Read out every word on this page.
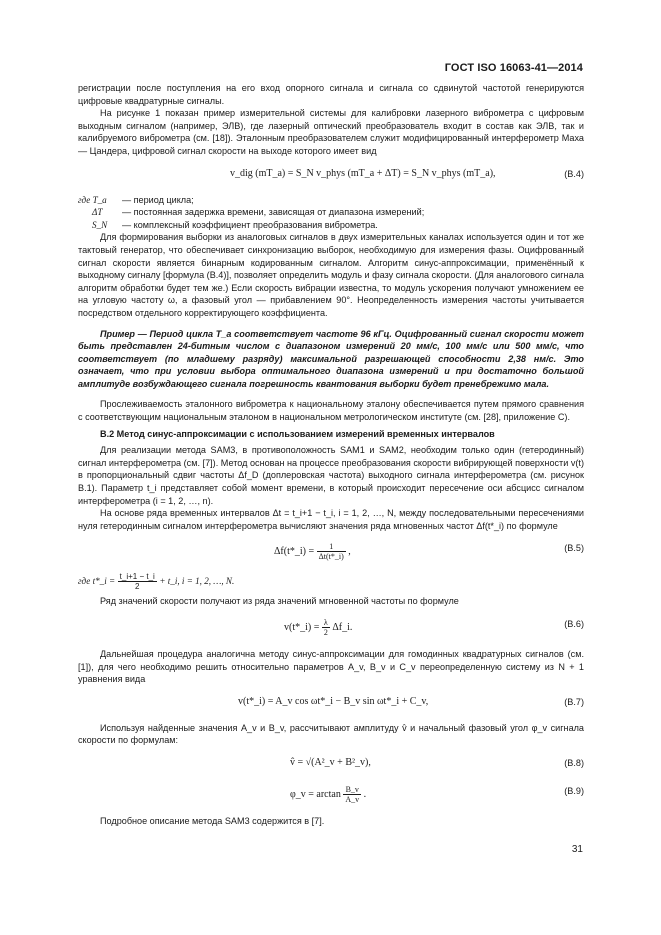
ГОСТ ISO 16063-41—2014

регистрации после поступления на его вход опорного сигнала и сигнала со сдвинутой частотой генерируются цифровые квадратурные сигналы.

На рисунке 1 показан пример измерительной системы для калибровки лазерного виброметра с цифровым выходным сигналом (например, ЭЛВ), где лазерный оптический преобразователь входит в состав как ЭЛВ, так и калибруемого виброметра (см. [18]). Эталонным преобразователем служит модифицированный интерферометр Маха — Цандера, цифровой сигнал скорости на выходе которого имеет вид

v_dig (mT_a) = S_N v_phys (mT_a + ΔT) = S_N v_phys (mT_a),	(B.4)
где T_a	— период цикла;
ΔT	— постоянная задержка времени, зависящая от диапазона измерений;
S_N	— комплексный коэффициент преобразования виброметра.

Для формирования выборки из аналоговых сигналов в двух измерительных каналах используется один и тот же тактовый генератор, что обеспечивает синхронизацию выборок, необходимую для измерения фазы. Оцифрованный сигнал скорости является бинарным кодированным сигналом. Алгоритм синус-аппроксимации, применённый к выходному сигналу [формула (B.4)], позволяет определить модуль и фазу сигнала скорости. (Для аналогового сигнала алгоритм обработки будет тем же.) Если скорость вибрации известна, то модуль ускорения получают умножением ее на угловую частоту ω, а фазовый угол — прибавлением 90°. Неопределенность измерения частоты учитывается посредством отдельного корректирующего коэффициента.

Пример — Период цикла T_a соответствует частоте 96 кГц. Оцифрованный сигнал скорости может быть представлен 24-битным числом с диапазоном измерений 20 мм/с, 100 мм/с или 500 мм/с, что соответствует (по младшему разряду) максимальной разрешающей способности 2,38 нм/с. Это означает, что при условии выбора оптимального диапазона измерений и при достаточно большой амплитуде возбуждающего сигнала погрешность квантования выборки будет пренебрежимо мала.

Прослеживаемость эталонного виброметра к национальному эталону обеспечивается путем прямого сравнения с соответствующим национальным эталоном в национальном метрологическом институте (см. [28], приложение C).

B.2 Метод синус-аппроксимации с использованием измерений временных интервалов

Для реализации метода SAM3, в противоположность SAM1 и SAM2, необходим только один (гетеродинный) сигнал интерферометра (см. [7]). Метод основан на процессе преобразования скорости вибрирующей поверхности v(t) в пропорциональный сдвиг частоты Δf_D (доплеровская частота) выходного сигнала интерферометра (см. рисунок B.1). Параметр t_i представляет собой момент времени, в который происходит пересечение оси абсцисс сигналом интерферометра (i = 1, 2, …, n).

На основе ряда временных интервалов Δt = t_i+1 − t_i, i = 1, 2, …, N, между последовательными пересечениями нуля гетеродинным сигналом интерферометра вычисляют значения ряда мгновенных частот Δf(t*_i) по формуле

Δf(t*_i) = $\frac{1}{\Delta t(t*\_i)}$ ,	(B.5)
где t*_i = $\frac{t\_i+1 - t\_i}{2}$ + t_i, i = 1, 2, …, N.

Ряд значений скорости получают из ряда значений мгновенной частоты по формуле

v(t*_i) = $\frac{\lambda}{2}$ Δf_i.	(B.6)

Дальнейшая процедура аналогична методу синус-аппроксимации для гомодинных квадратурных сигналов (см. [1]), для чего необходимо решить относительно параметров A_v, B_v и C_v переопределенную систему из N + 1 уравнения вида

v(t*_i) = A_v cos ωt*_i − B_v sin ωt*_i + C_v,	(B.7)

Используя найденные значения A_v и B_v, рассчитывают амплитуду v̂ и начальный фазовый угол φ_v сигнала скорости по формулам:

v̂ = √(A²_v + B²_v),	(B.8)
φ_v = $\arctan \frac{B\_v}{A\_v}$ .	(B.9)

Подробное описание метода SAM3 содержится в [7].

31
